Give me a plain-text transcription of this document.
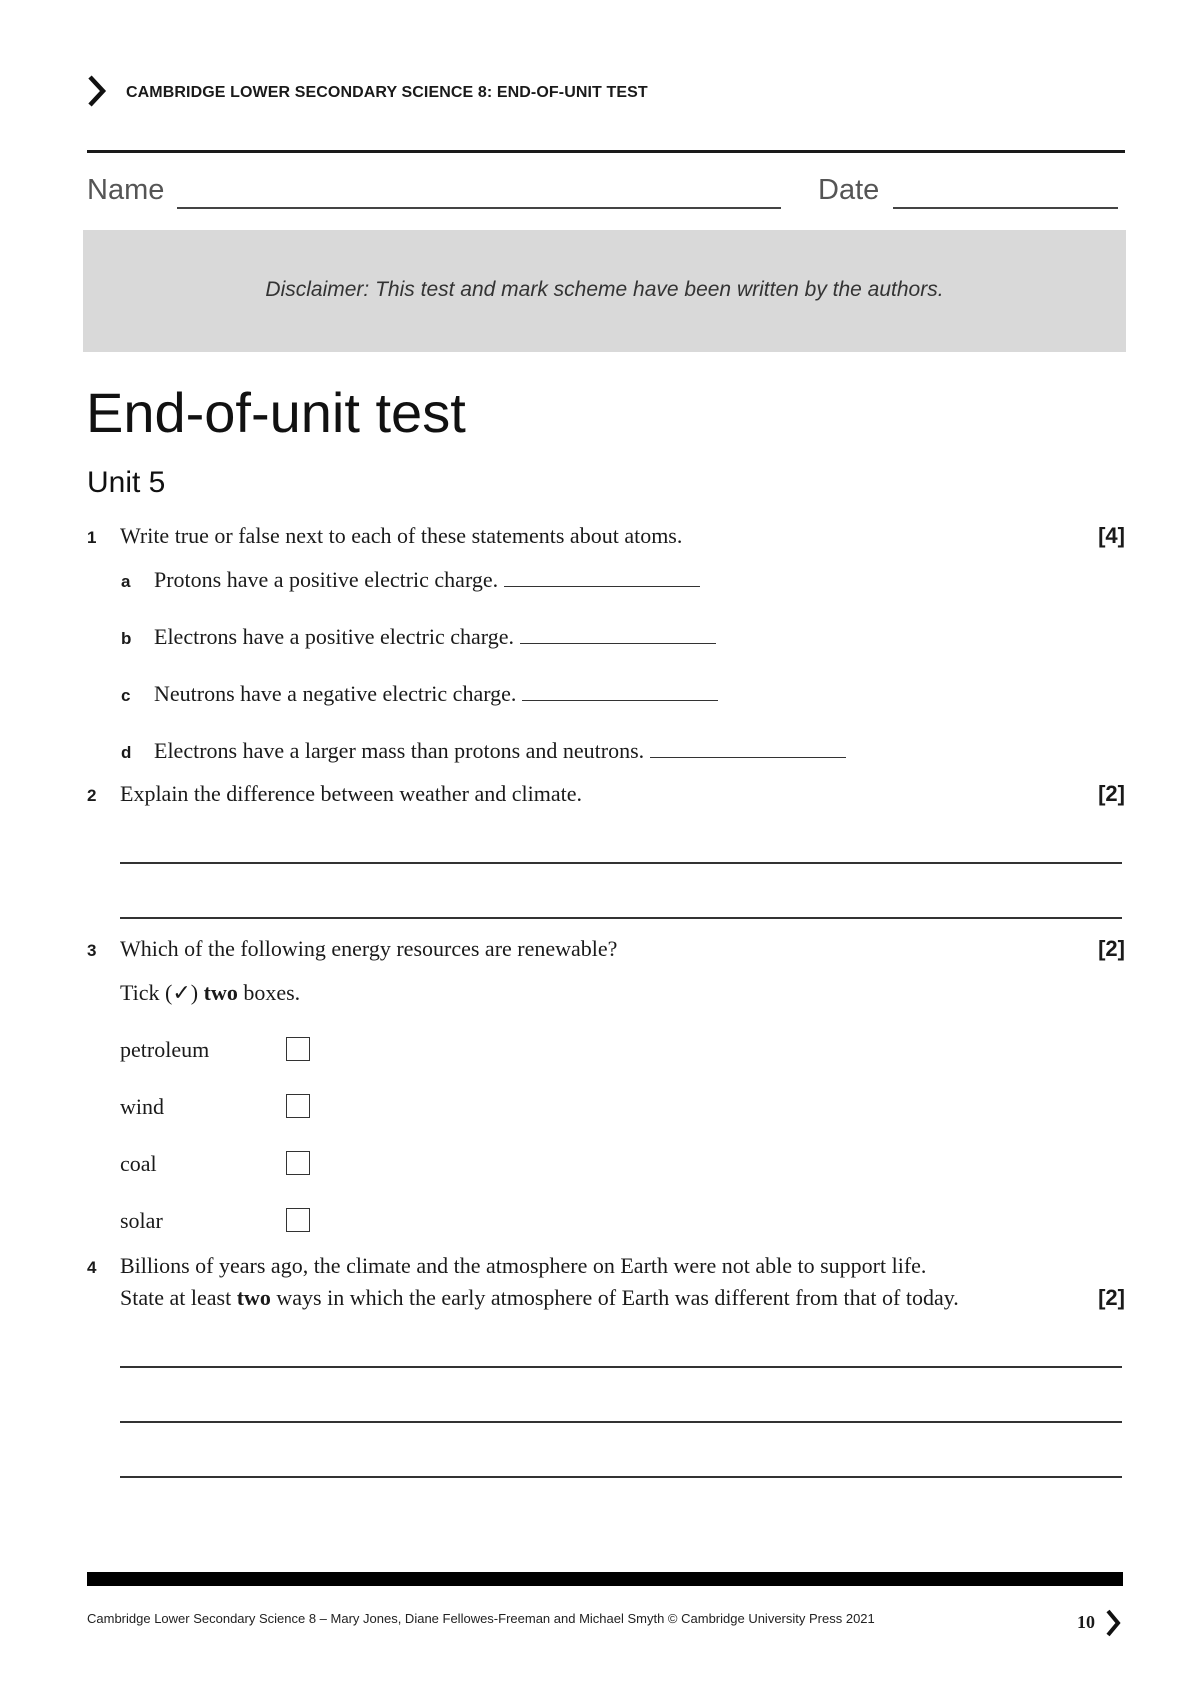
CAMBRIDGE LOWER SECONDARY SCIENCE 8: END-OF-UNIT TEST
Name	Date
Disclaimer: This test and mark scheme have been written by the authors.
End-of-unit test
Unit 5
1 Write true or false next to each of these statements about atoms.	[4]
a Protons have a positive electric charge.
b Electrons have a positive electric charge.
c Neutrons have a negative electric charge.
d Electrons have a larger mass than protons and neutrons.
2 Explain the difference between weather and climate.	[2]
3 Which of the following energy resources are renewable?	[2]
Tick (✓) two boxes.
petroleum
wind
coal
solar
4 Billions of years ago, the climate and the atmosphere on Earth were not able to support life.
State at least two ways in which the early atmosphere of Earth was different from that of today.	[2]
Cambridge Lower Secondary Science 8 – Mary Jones, Diane Fellowes-Freeman and Michael Smyth © Cambridge University Press 2021	10
